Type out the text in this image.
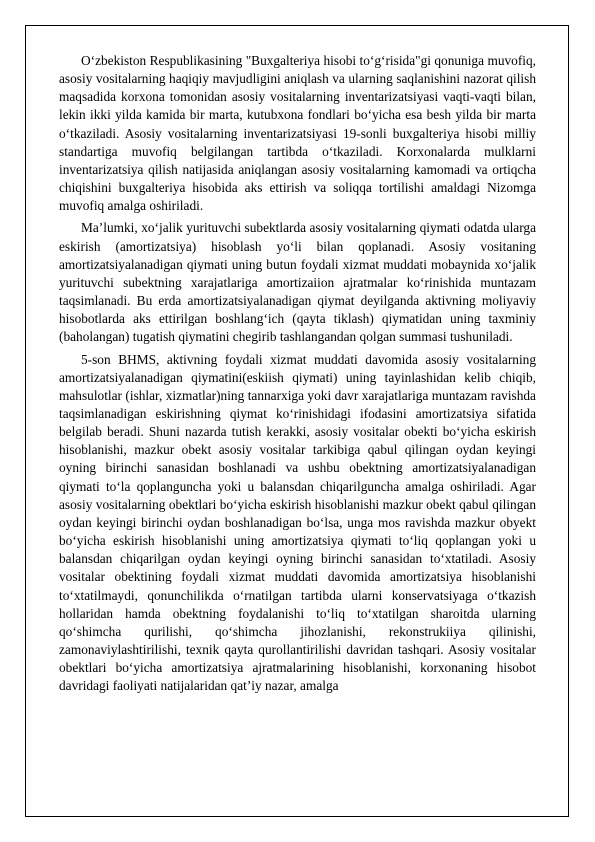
O‘zbekiston Respublikasining "Buxgalteriya hisobi to‘g‘risida"gi qonuniga muvofiq, asosiy vositalarning haqiqiy mavjudligini aniqlash va ularning saqlanishini nazorat qilish maqsadida korxona tomonidan asosiy vositalarning inventarizatsiyasi vaqti-vaqti bilan, lekin ikki yilda kamida bir marta, kutubxona fondlari bo‘yicha esa besh yilda bir marta o‘tkaziladi. Asosiy vositalarning inventarizatsiyasi 19-sonli buxgalteriya hisobi milliy standartiga muvofiq belgilangan tartibda o‘tkaziladi. Korxonalarda mulklarni inventarizatsiya qilish natijasida aniqlangan asosiy vositalarning kamomadi va ortiqcha chiqishini buxgalteriya hisobida aks ettirish va soliqqa tortilishi amaldagi Nizomga muvofiq amalga oshiriladi.

Ma’lumki, xo‘jalik yurituvchi subektlarda asosiy vositalarning qiymati odatda ularga eskirish (amortizatsiya) hisoblash yo‘li bilan qoplanadi. Asosiy vositaning amortizatsiyalanadigan qiymati uning butun foydali xizmat muddati mobaynida xo‘jalik yurituvchi subektning xarajatlariga amortizaiion ajratmalar ko‘rinishida muntazam taqsimlanadi. Bu erda amortizatsiyalanadigan qiymat deyilganda aktivning moliyaviy hisobotlarda aks ettirilgan boshlang‘ich (qayta tiklash) qiymatidan uning taxminiy (baholangan) tugatish qiymatini chegirib tashlangandan qolgan summasi tushuniladi.

5-son BHMS, aktivning foydali xizmat muddati davomida asosiy vositalarning amortizatsiyalanadigan qiymatini(eskiish qiymati) uning tayinlashidan kelib chiqib, mahsulotlar (ishlar, xizmatlar)ning tannarxiga yoki davr xarajatlariga muntazam ravishda taqsimlanadigan eskirishning qiymat ko‘rinishidagi ifodasini amortizatsiya sifatida belgilab beradi. Shuni nazarda tutish kerakki, asosiy vositalar obekti bo‘yicha eskirish hisoblanishi, mazkur obekt asosiy vositalar tarkibiga qabul qilingan oydan keyingi oyning birinchi sanasidan boshlanadi va ushbu obektning amortizatsiyalanadigan qiymati to‘la qoplanguncha yoki u balansdan chiqarilguncha amalga oshiriladi. Agar asosiy vositalarning obektlari bo‘yicha eskirish hisoblanishi mazkur obekt qabul qilingan oydan keyingi birinchi oydan boshlanadigan bo‘lsa, unga mos ravishda mazkur obyekt bo‘yicha eskirish hisoblanishi uning amortizatsiya qiymati to‘liq qoplangan yoki u balansdan chiqarilgan oydan keyingi oyning birinchi sanasidan to‘xtatiladi. Asosiy vositalar obektining foydali xizmat muddati davomida amortizatsiya hisoblanishi to‘xtatilmaydi, qonunchilikda o‘rnatilgan tartibda ularni konservatsiyaga o‘tkazish hollaridan hamda obektning foydalanishi to‘liq to‘xtatilgan sharoitda ularning qo‘shimcha qurilishi, qo‘shimcha jihozlanishi, rekonstrukiiya qilinishi, zamonaviylashtirilishi, texnik qayta qurollantirilishi davridan tashqari. Asosiy vositalar obektlari bo‘yicha amortizatsiya ajratmalarining hisoblanishi, korxonaning hisobot davridagi faoliyati natijalaridan qat’iy nazar, amalga
